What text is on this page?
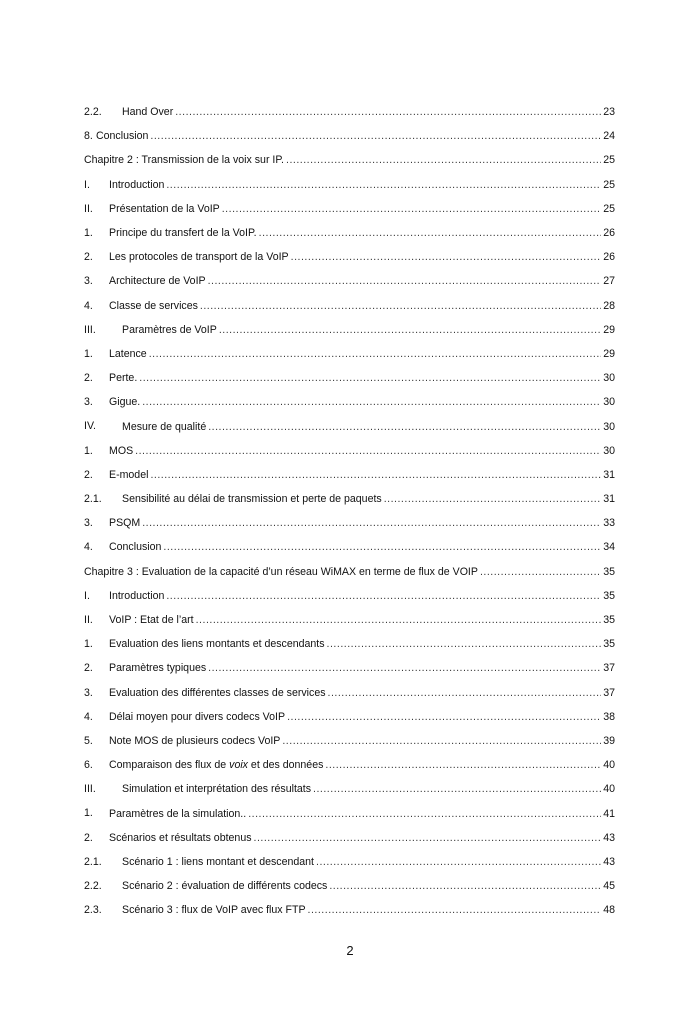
2.2. Hand Over .....	23
8. Conclusion .....	24
Chapitre 2 : Transmission de la voix sur IP. .....	25
I. Introduction .....	25
II. Présentation de la VoIP .....	25
1. Principe du transfert de la VoIP. .....	26
2. Les protocoles de transport de la VoIP .....	26
3. Architecture de VoIP .....	27
4. Classe de services .....	28
III. Paramètres de VoIP .....	29
1. Latence .....	29
2. Perte. .....	30
3. Gigue. .....	30
IV. Mesure de qualité .....	30
1. MOS .....	30
2. E-model .....	31
2.1. Sensibilité au délai de transmission et perte de paquets .....	31
3. PSQM .....	33
4. Conclusion .....	34
Chapitre 3 : Evaluation de la capacité d’un réseau WiMAX en terme de flux de VOIP .....	35
I. Introduction .....	35
II. VoIP : Etat de l’art .....	35
1. Evaluation des liens montants et descendants .....	35
2. Paramètres typiques .....	37
3. Evaluation des différentes classes de services .....	37
4. Délai moyen pour divers codecs VoIP .....	38
5. Note MOS de plusieurs codecs VoIP .....	39
6. Comparaison des flux de voix et des données .....	40
III. Simulation et interprétation des résultats .....	40
1. Paramètres de la simulation.. .....	41
2. Scénarios et résultats obtenus .....	43
2.1. Scénario 1 : liens montant et descendant .....	43
2.2. Scénario 2 : évaluation de différents codecs .....	45
2.3. Scénario 3 : flux de VoIP avec flux FTP .....	48
2
